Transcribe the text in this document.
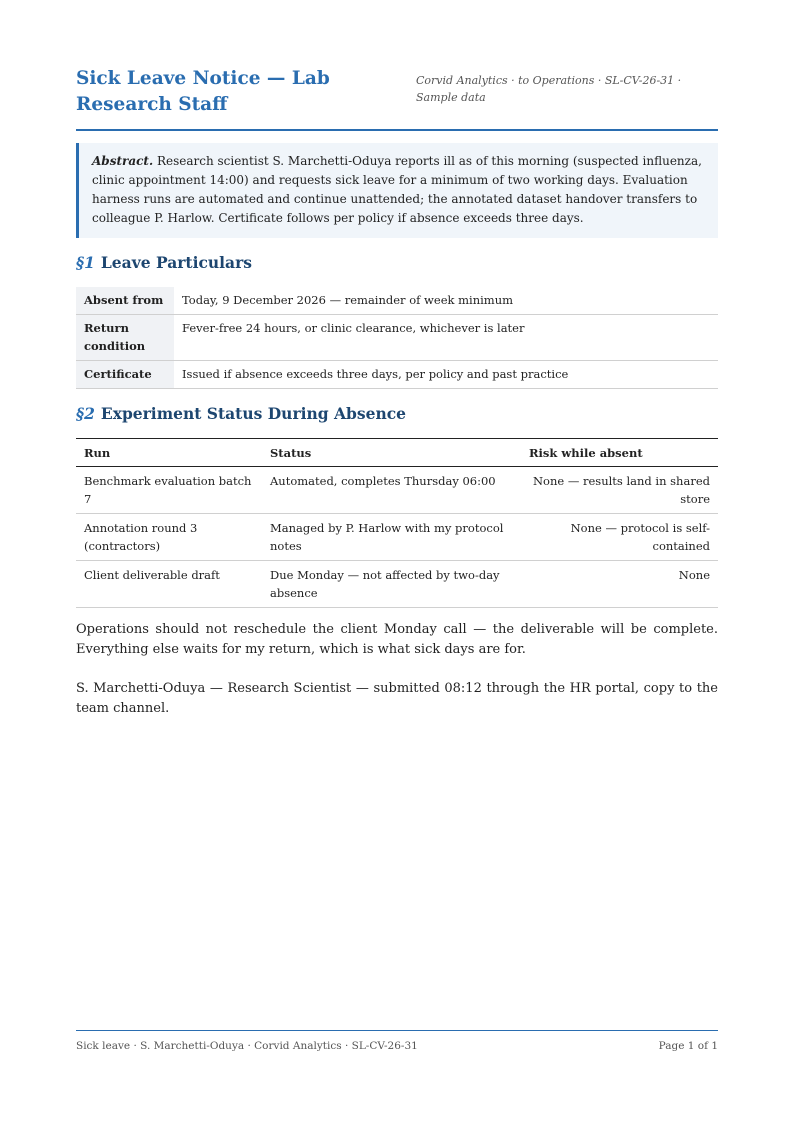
Sick Leave Notice — Lab Research Staff
Corvid Analytics · to Operations · SL-CV-26-31 · Sample data
Abstract. Research scientist S. Marchetti-Oduya reports ill as of this morning (suspected influenza, clinic appointment 14:00) and requests sick leave for a minimum of two working days. Evaluation harness runs are automated and continue unattended; the annotated dataset handover transfers to colleague P. Harlow. Certificate follows per policy if absence exceeds three days.
§1 Leave Particulars
Absent from	Today, 9 December 2026 — remainder of week minimum
Return condition	Fever-free 24 hours, or clinic clearance, whichever is later
Certificate	Issued if absence exceeds three days, per policy and past practice
§2 Experiment Status During Absence
Run	Status	Risk while absent
Benchmark evaluation batch 7	Automated, completes Thursday 06:00	None — results land in shared store
Annotation round 3 (contractors)	Managed by P. Harlow with my protocol notes	None — protocol is self-contained
Client deliverable draft	Due Monday — not affected by two-day absence	None

Operations should not reschedule the client Monday call — the deliverable will be complete. Everything else waits for my return, which is what sick days are for.

S. Marchetti-Oduya — Research Scientist — submitted 08:12 through the HR portal, copy to the team channel.

Sick leave · S. Marchetti-Oduya · Corvid Analytics · SL-CV-26-31	Page 1 of 1
